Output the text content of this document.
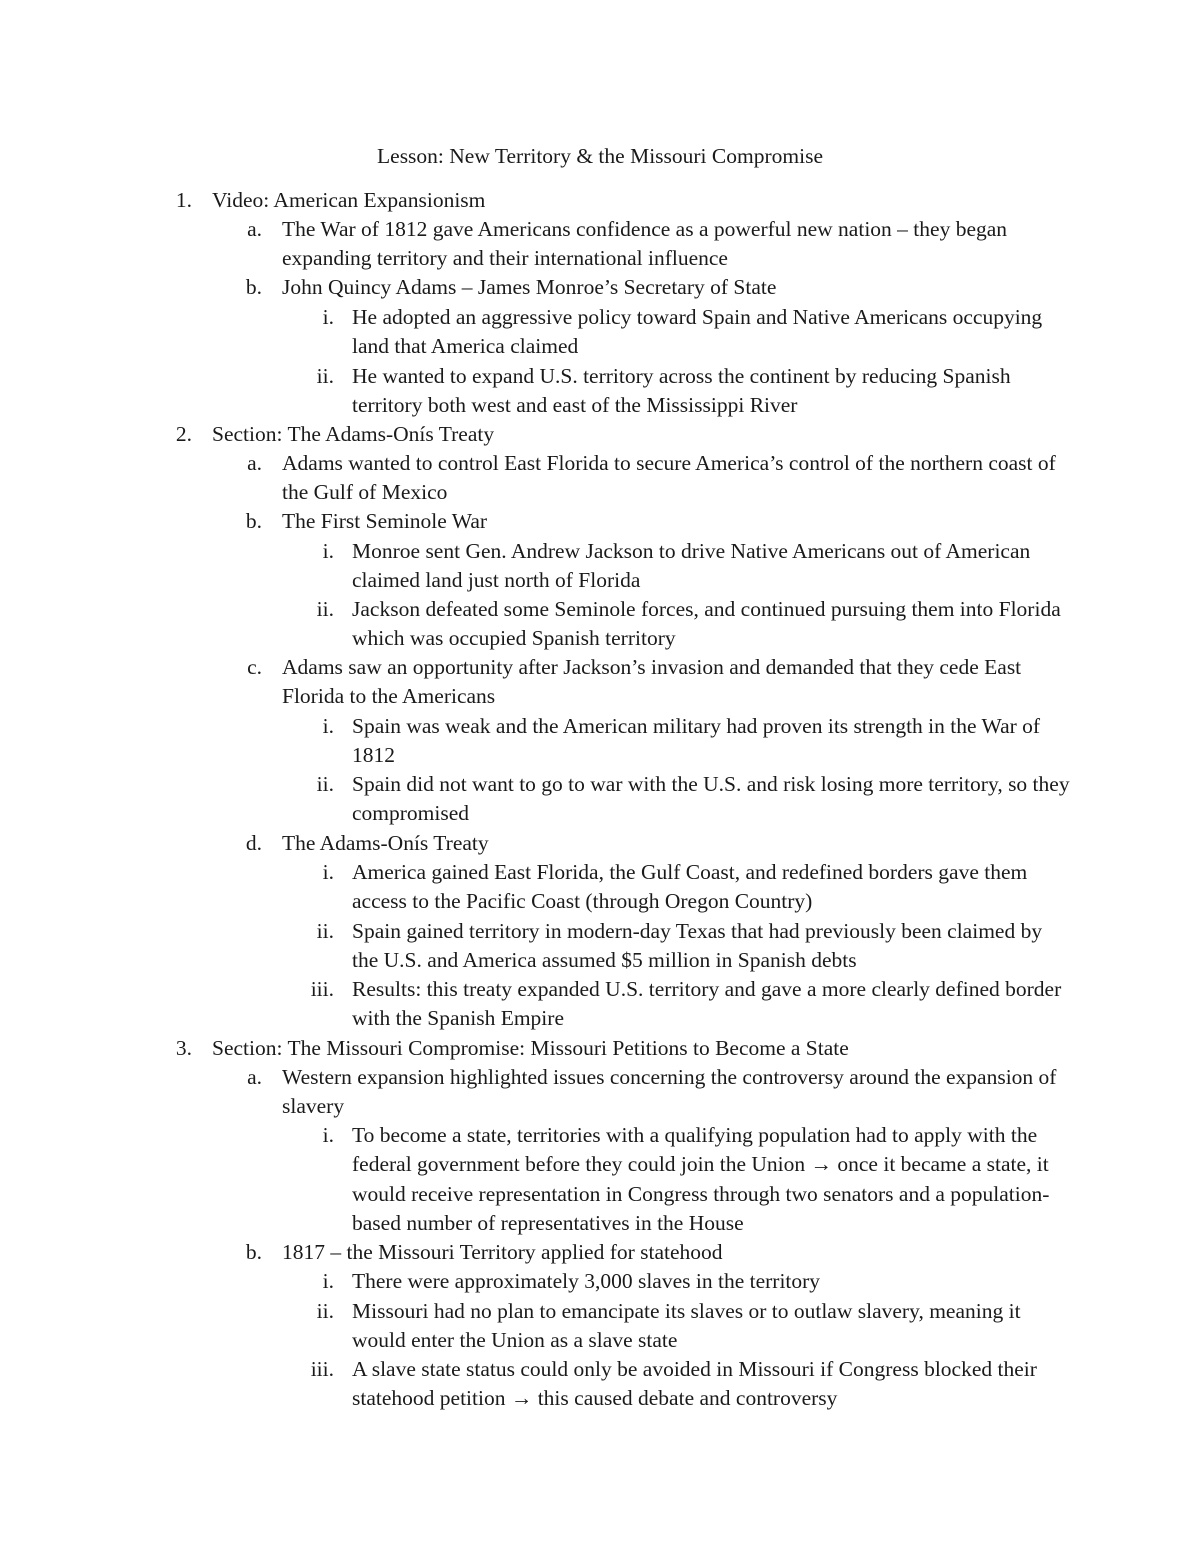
Lesson: New Territory & the Missouri Compromise
1. Video: American Expansionism
a. The War of 1812 gave Americans confidence as a powerful new nation – they began expanding territory and their international influence
b. John Quincy Adams – James Monroe’s Secretary of State
i. He adopted an aggressive policy toward Spain and Native Americans occupying land that America claimed
ii. He wanted to expand U.S. territory across the continent by reducing Spanish territory both west and east of the Mississippi River
2. Section: The Adams-Onís Treaty
a. Adams wanted to control East Florida to secure America’s control of the northern coast of the Gulf of Mexico
b. The First Seminole War
i. Monroe sent Gen. Andrew Jackson to drive Native Americans out of American claimed land just north of Florida
ii. Jackson defeated some Seminole forces, and continued pursuing them into Florida which was occupied Spanish territory
c. Adams saw an opportunity after Jackson’s invasion and demanded that they cede East Florida to the Americans
i. Spain was weak and the American military had proven its strength in the War of 1812
ii. Spain did not want to go to war with the U.S. and risk losing more territory, so they compromised
d. The Adams-Onís Treaty
i. America gained East Florida, the Gulf Coast, and redefined borders gave them access to the Pacific Coast (through Oregon Country)
ii. Spain gained territory in modern-day Texas that had previously been claimed by the U.S. and America assumed $5 million in Spanish debts
iii. Results: this treaty expanded U.S. territory and gave a more clearly defined border with the Spanish Empire
3. Section: The Missouri Compromise: Missouri Petitions to Become a State
a. Western expansion highlighted issues concerning the controversy around the expansion of slavery
i. To become a state, territories with a qualifying population had to apply with the federal government before they could join the Union → once it became a state, it would receive representation in Congress through two senators and a population-based number of representatives in the House
b. 1817 – the Missouri Territory applied for statehood
i. There were approximately 3,000 slaves in the territory
ii. Missouri had no plan to emancipate its slaves or to outlaw slavery, meaning it would enter the Union as a slave state
iii. A slave state status could only be avoided in Missouri if Congress blocked their statehood petition → this caused debate and controversy
